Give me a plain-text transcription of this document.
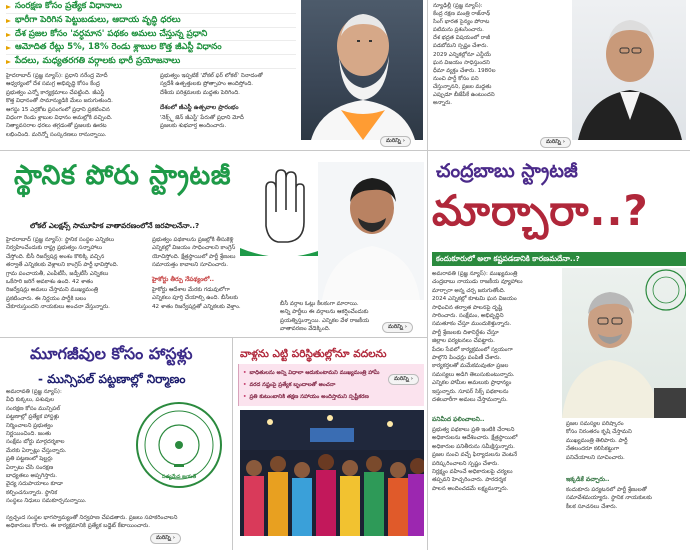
సంరక్షణ కోసం ప్రత్యేక విధానాలు
భారీగా పెరిగిన పెట్టుబడులు, ఆదాయ వృద్ధి ధరలు
దేశ ప్రజల కోసం 'వర్ధమాన' పథకం అమలు చేస్తున్న ప్రధాని
ఆమోదిత రేట్లు 5%, 18% రెండు శ్లాబుల కొత్త జీఎస్టీ విధానం
పేదలు, మధ్యతరగతి వర్గాలకు భారీ ప్రయోజనాలు
హైదరాబాద్ (ప్రజ్ఞ న్యూస్): ప్రధాని నరేంద్ర మోదీ
ఆధ్వర్యంలో దేశ సమగ్ర అభివృద్ధి కోసం కేంద్ర
ప్రభుత్వం ఎన్నో కార్యక్రమాలు చేపట్టింది. జీఎస్టీ
కొత్త విధానంతో సామాన్యుడికి మేలు జరుగుతుంది.
ఆగస్టు 15 ఎర్రకోట ప్రసంగంలో ప్రధాని ప్రకటించిన
విధంగా రెండు శ్లాబుల విధానం అమల్లోకి వచ్చింది.
నిత్యావసరాల ధరలు తగ్గడంతో ప్రజలకు ఊరట
లభించింది. మరెన్నో సంస్కరణలు రానున్నాయి.
ప్రభుత్వం ఇప్పటికే 'వోకల్ ఫర్ లోకల్' నినాదంతో
స్వదేశీ ఉత్పత్తులకు ప్రోత్సాహం అందిస్తోంది.
దేశీయ పరిశ్రమలకు మద్దతు పెరిగింది.
దేశంలో జీఎస్టీ ఉత్సవాల ప్రారంభం
'నెక్స్ట్ జెన్ జీఎస్టీ' పేరుతో ప్రధాని మోదీ
ప్రజలకు శుభవార్త అందించారు.
మరిన్ని ›
న్యూఢిల్లీ (ప్రజ్ఞ న్యూస్):
కేంద్ర రక్షణ మంత్రి రాజ్‌నాథ్
సింగ్ భారత సైన్యం పోరాట
పటిమను ప్రశంసించారు.
దేశ భద్రత విషయంలో రాజీ
పడబోమని స్పష్టం చేశారు.
2029 ఎన్నికల్లోనూ ఎన్డీయే
ఘన విజయం సాధిస్తుందని
ధీమా వ్యక్తం చేశారు. 1980ల
నుంచి పార్టీ కోసం పని
చేస్తున్నానని, ప్రజల మద్దతు
ఎప్పుడూ బీజేపీకే ఉంటుందని
అన్నారు.
మరిన్ని ›
స్థానిక పోరు స్ట్రాటజీ
లోకల్ ఎలక్షన్స్ సామూహిక వాతావరణంలోనే జరపాలనేనా..?
హైదరాబాద్ (ప్రజ్ఞ న్యూస్): స్థానిక సంస్థల ఎన్నికలు
నిర్వహించేందుకు రాష్ట్ర ప్రభుత్వం సన్నాహాలు
చేస్తోంది. బీసీ రిజర్వేషన్ల అంశం కొలిక్కి వచ్చిన
తర్వాతే ఎన్నికలకు వెళ్లాలని కాంగ్రెస్ పార్టీ భావిస్తోంది.
గ్రామ పంచాయతీ, ఎంపీటీసీ, జడ్పీటీసీ ఎన్నికలు
ఒకేసారి జరిగే అవకాశం ఉంది. 42 శాతం
రిజర్వేషన్లు అమలు చేస్తామని ముఖ్యమంత్రి
ప్రకటించారు. ఈ నిర్ణయం పార్టీకి బలం
చేకూరుస్తుందని నాయకులు అంచనా వేస్తున్నారు.
ప్రభుత్వం పథకాలను ప్రజల్లోకి తీసుకెళ్లి
ఎన్నికల్లో విజయం సాధించాలని కాంగ్రెస్
యోచిస్తోంది. క్షేత్రస్థాయిలో పార్టీ శ్రేణులు
సమాయత్తం కావాలని సూచించారు.
హైకోర్టు తీర్పు నేపథ్యంలో..
హైకోర్టు ఆదేశాల మేరకు గడువులోగా
ఎన్నికలు పూర్తి చేయాల్సి ఉంది. బీసీలకు
42 శాతం రిజర్వేషన్లతో ఎన్నికలకు వెళ్తాం.	బీసీ వర్గాల ఓట్లు కీలకంగా మారాయి.
అన్ని పార్టీలు ఈ వర్గాలను ఆకర్షించేందుకు
ప్రయత్నిస్తున్నాయి. ఎన్నికల వేళ రాజకీయ
వాతావరణం వేడెక్కింది.	మరిన్ని ›
చంద్రబాబు స్ట్రాటజీ
మార్చారా..?
కందుకూరులో అలా కష్టపడడానికి కారణమదేనా..?
అమరావతి (ప్రజ్ఞ న్యూస్): ముఖ్యమంత్రి
చంద్రబాబు నాయుడు రాజకీయ వ్యూహాలు
మార్చారా అన్న చర్చ జరుగుతోంది.
2024 ఎన్నికల్లో కూటమి ఘన విజయం
సాధించిన తర్వాత పాలనపై దృష్టి
సారించారు. సంక్షేమం, అభివృద్ధిని
సమతూకం చేస్తూ ముందుకెళ్తున్నారు.
పార్టీ శ్రేణులకు దిశానిర్దేశం చేస్తూ
జిల్లాల పర్యటనలు చేపట్టారు.
పేదల సేవలో కార్యక్రమంలో స్వయంగా
పాల్గొని పింఛన్లు పంపిణీ చేశారు.
కార్యకర్తలతో మమేకమవుతూ ప్రజల
సమస్యలు అడిగి తెలుసుకుంటున్నారు.
ఎన్నికల హామీల అమలుకు ప్రాధాన్యం
ఇస్తున్నారు. సూపర్ సిక్స్ పథకాలను
దశలవారీగా అమలు చేస్తామన్నారు.
ప్రజల సమస్యల పరిష్కారం
కోసం నిరంతరం కృషి చేస్తామని
ముఖ్యమంత్రి తెలిపారు. పార్టీ
నేతలందరూ కలిసికట్టుగా
పనిచేయాలని సూచించారు.
పనిమీద ఫలించాలని..
ప్రభుత్వ పథకాలు ప్రతి ఇంటికి చేరాలని
అధికారులను ఆదేశించారు. క్షేత్రస్థాయిలో
అధికారుల పనితీరును సమీక్షిస్తున్నారు.
ప్రజల నుంచి వచ్చే ఫిర్యాదులను వెంటనే
పరిష్కరించాలని స్పష్టం చేశారు.
నిర్లక్ష్యం వహించే అధికారులపై చర్యలు
తప్పవని హెచ్చరించారు. పారదర్శక
పాలన అందించడమే లక్ష్యమన్నారు.
ఇక్కడికే వచ్చారు..
కందుకూరు పర్యటనలో పార్టీ శ్రేణులతో
సమావేశమయ్యారు. స్థానిక నాయకులకు
కీలక సూచనలు చేశారు.
మూగజీవుల కోసం హాస్టళ్లు
- మున్సిపల్ పట్టణాల్లో నిర్మాణం
అమరావతి (ప్రజ్ఞ న్యూస్):
వీధి కుక్కలు, పశువుల
సంరక్షణ కోసం మున్సిపల్
పట్టణాల్లో ప్రత్యేక హాస్టళ్లు
నిర్మించాలని ప్రభుత్వం
నిర్ణయించింది. జంతు
సంక్షేమ బోర్డు మార్గదర్శకాల
మేరకు ఏర్పాట్లు చేస్తున్నారు.
ప్రతి పట్టణంలో షెల్టర్లు
ఏర్పాటు చేసి సంరక్షణ
బాధ్యతలు అప్పగిస్తారు.
వైద్య సదుపాయాలు కూడా
కల్పించనున్నారు. స్థానిక
సంస్థలు నిధులు సమకూర్చనున్నాయి.
సత్యమేవ జయతే
స్వచ్ఛంద సంస్థల భాగస్వామ్యంతో నిర్వహణ చేపడతారు. ప్రజలు సహకరించాలని
అధికారులు కోరారు. ఈ కార్యక్రమానికి ప్రత్యేక బడ్జెట్ కేటాయించారు.
మరిన్ని ›
వాళ్లను ఎట్టి పరిస్థితుల్లోనూ వదలను
• బాధితులను అన్ని విధాలా ఆదుకుంటామని ముఖ్యమంత్రి హామీ
• వరద నష్టంపై ప్రత్యేక బృందాలతో అంచనా
• ప్రతి కుటుంబానికి తక్షణ సహాయం అందిస్తామని స్పష్టీకరణ
మరిన్ని ›
